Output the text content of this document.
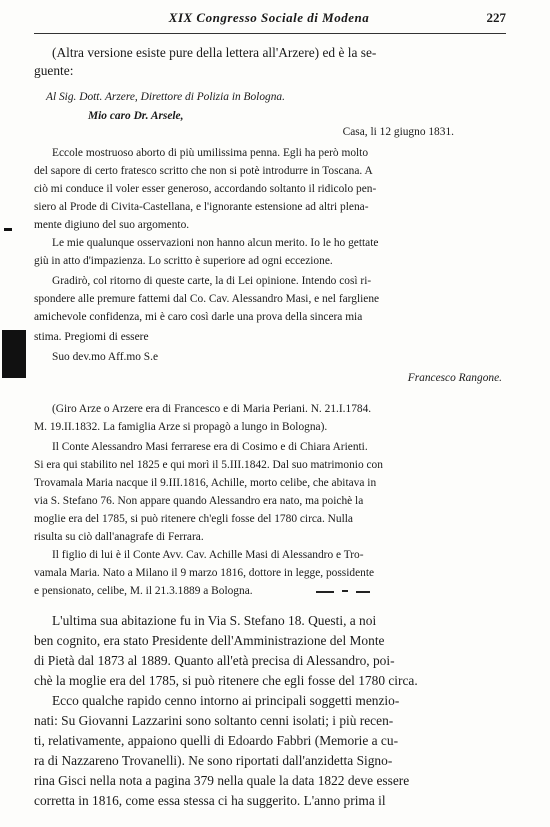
XIX Congresso Sociale di Modena	227
(Altra versione esiste pure della lettera all'Arzere) ed è la se-
guente:
Al Sig. Dott. Arzere, Direttore di Polizia in Bologna.
Mio caro Dr. Arsele,
Casa, li 12 giugno 1831.
Eccole mostruoso aborto di più umilissima penna. Egli ha però molto
del sapore di certo fratesco scritto che non si potè introdurre in Toscana. A
ciò mi conduce il voler esser generoso, accordando soltanto il ridicolo pen-
siero al Prode di Civita-Castellana, e l'ignorante estensione ad altri plena-
mente digiuno del suo argomento.
Le mie qualunque osservazioni non hanno alcun merito. Io le ho gettate
giù in atto d'impazienza. Lo scritto è superiore ad ogni eccezione.
Gradirò, col ritorno di queste carte, la di Lei opinione. Intendo così ri-
spondere alle premure fattemi dal Co. Cav. Alessandro Masi, e nel fargliene
amichevole confidenza, mi è caro così darle una prova della sincera mia
stima. Pregiomi di essere
Suo dev.mo Aff.mo S.e
Francesco Rangone.
(Giro Arze o Arzere era di Francesco e di Maria Periani. N. 21.I.1784.
M. 19.II.1832. La famiglia Arze si propagò a lungo in Bologna).
Il Conte Alessandro Masi ferrarese era di Cosimo e di Chiara Arienti.
Si era qui stabilito nel 1825 e qui morì il 5.III.1842. Dal suo matrimonio con
Trovamala Maria nacque il 9.III.1816, Achille, morto celibe, che abitava in
via S. Stefano 76. Non appare quando Alessandro era nato, ma poichè la
moglie era del 1785, si può ritenere ch'egli fosse del 1780 circa. Nulla
risulta su ciò dall'anagrafe di Ferrara.
Il figlio di lui è il Conte Avv. Cav. Achille Masi di Alessandro e Tro-
vamala Maria. Nato a Milano il 9 marzo 1816, dottore in legge, possidente
e pensionato, celibe, M. il 21.3.1889 a Bologna.
L'ultima sua abitazione fu in Via S. Stefano 18. Questi, a noi
ben cognito, era stato Presidente dell'Amministrazione del Monte
di Pietà dal 1873 al 1889. Quanto all'età precisa di Alessandro, poi-
chè la moglie era del 1785, si può ritenere che egli fosse del 1780 circa.
Ecco qualche rapido cenno intorno ai principali soggetti menzio-
nati: Su Giovanni Lazzarini sono soltanto cenni isolati; i più recen-
ti, relativamente, appaiono quelli di Edoardo Fabbri (Memorie a cu-
ra di Nazzareno Trovanelli). Ne sono riportati dall'anzidetta Signo-
rina Gisci nella nota a pagina 379 nella quale la data 1822 deve essere
corretta in 1816, come essa stessa ci ha suggerito. L'anno prima il
